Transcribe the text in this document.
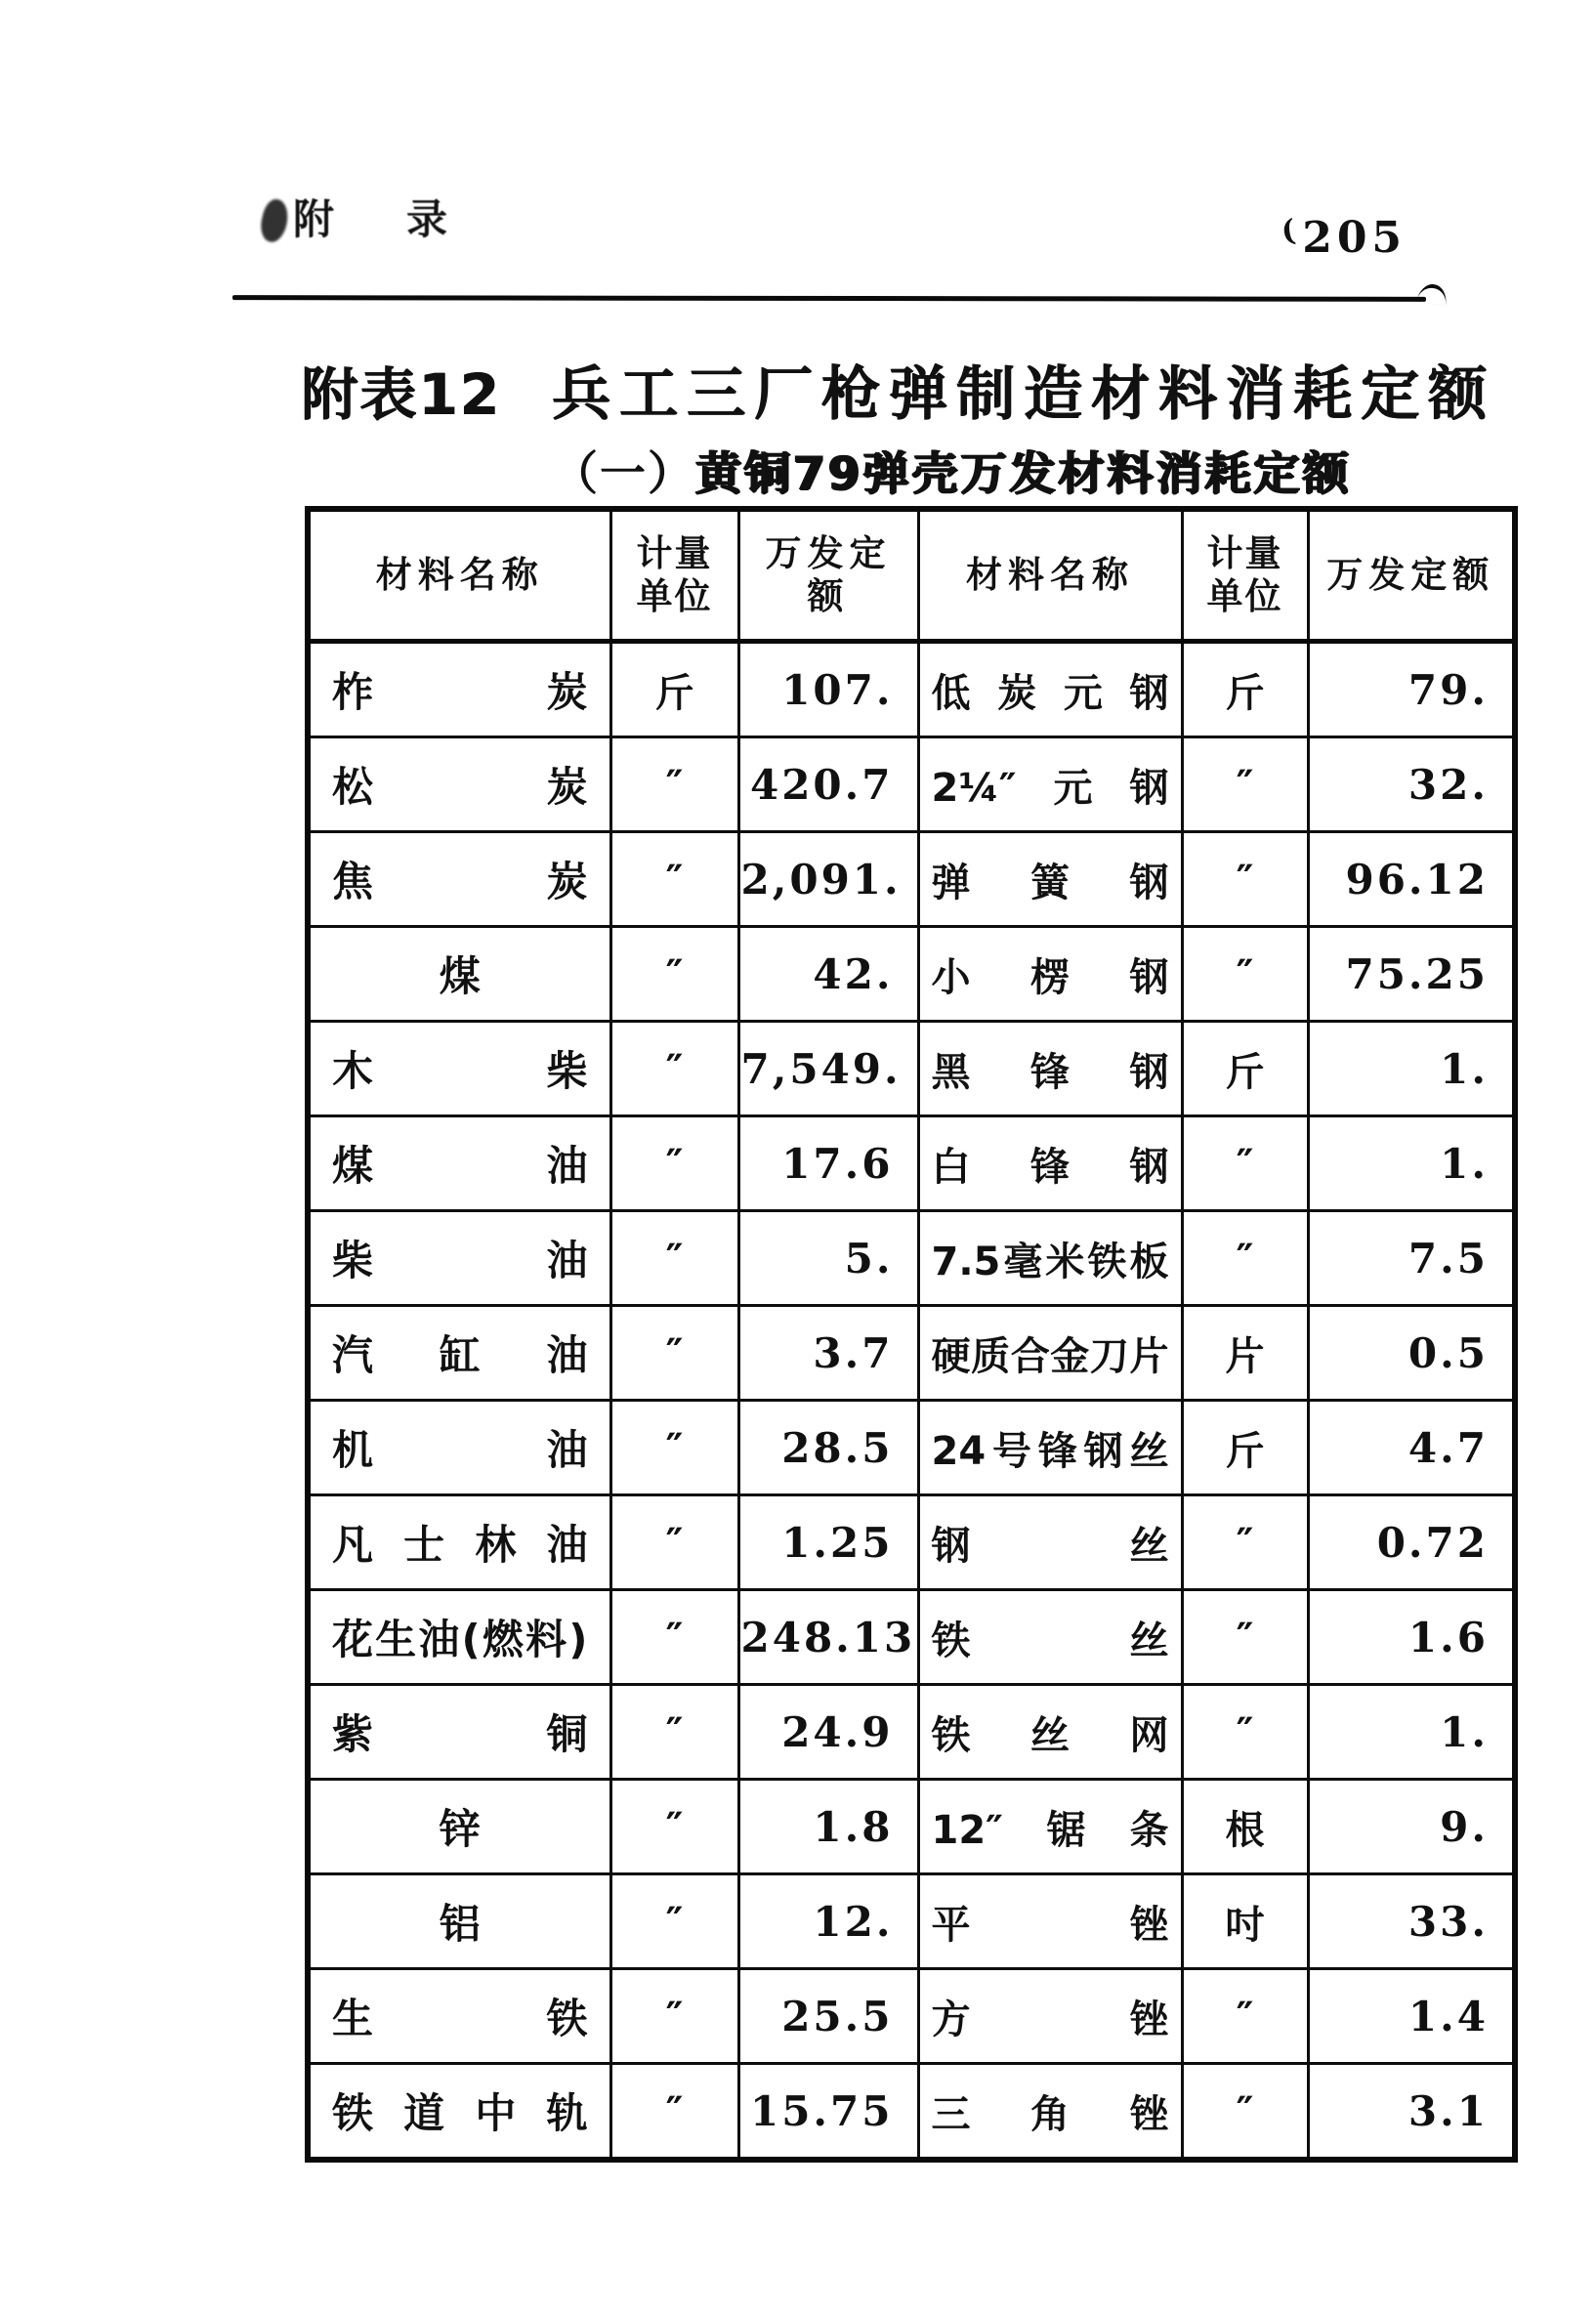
附　录	(205
附表12 兵工三厂枪弹制造材料消耗定额
（一）黄铜79弹壳万发材料消耗定额
材料名称	计量单位	万发定额	材料名称	计量单位	万发定额
柞炭	斤	107.	低炭元钢	斤	79.
松炭	″	420.7	2¼″元钢	″	32.
焦炭	″	2,091.	弹簧钢	″	96.12
煤	″	42.	小楞钢	″	75.25
木柴	″	7,549.	黑锋钢	斤	1.
煤油	″	17.6	白锋钢	″	1.
柴油	″	5.	7.5毫米铁板	″	7.5
汽缸油	″	3.7	硬质合金刀片	片	0.5
机油	″	28.5	24号锋钢丝	斤	4.7
凡士林油	″	1.25	钢丝	″	0.72
花生油(燃料)	″	248.13	铁丝	″	1.6
紫铜	″	24.9	铁丝网	″	1.
锌	″	1.8	12″锯条	根	9.
铝	″	12.	平锉	吋	33.
生铁	″	25.5	方锉	″	1.4
铁道中轨	″	15.75	三角锉	″	3.1
